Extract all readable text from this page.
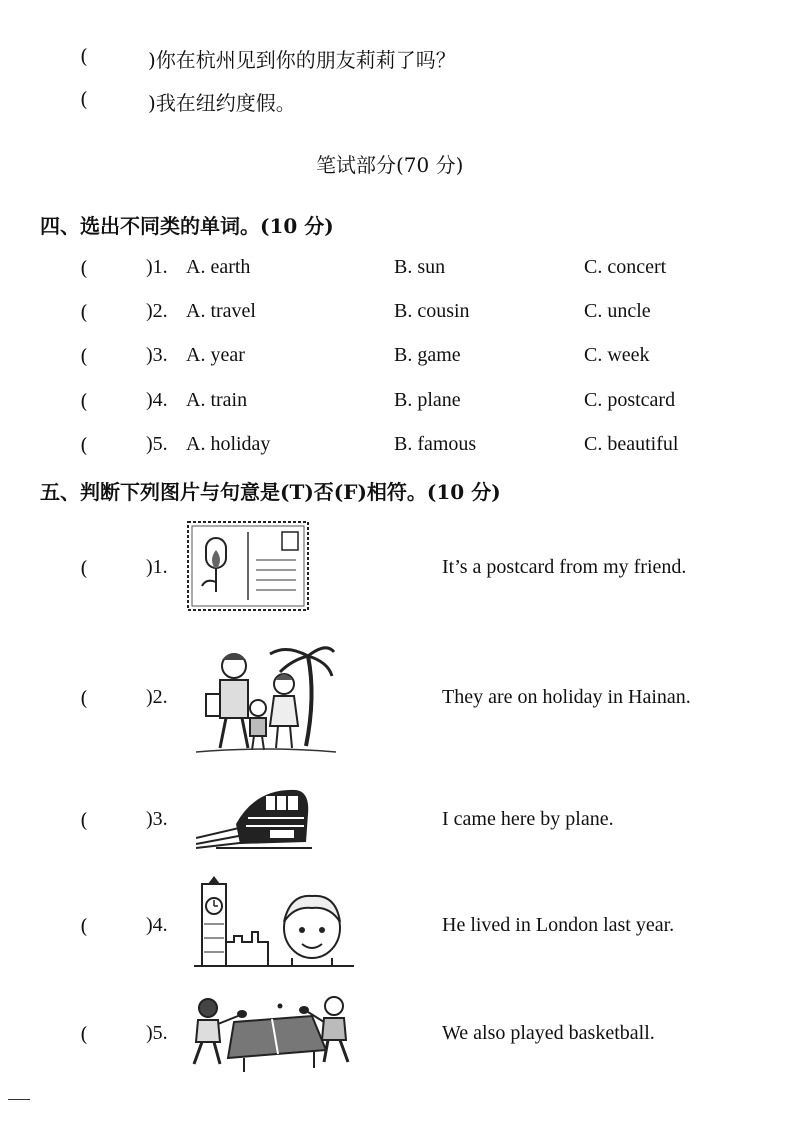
(	)你在杭州见到你的朋友莉莉了吗？
(	)我在纽约度假。
笔试部分(70 分)
四、选出不同类的单词。(10 分)
(	)1. A. earth	B. sun	C. concert
(	)2. A. travel	B. cousin	C. uncle
(	)3. A. year	B. game	C. week
(	)4. A. train	B. plane	C. postcard
(	)5. A. holiday	B. famous	C. beautiful
五、判断下列图片与句意是(T)否(F)相符。(10 分)
(	)1.	It’s a postcard from my friend.
(	)2.	They are on holiday in Hainan.
(	)3.	I came here by plane.
(	)4.	He lived in London last year.
(	)5.	We also played basketball.
